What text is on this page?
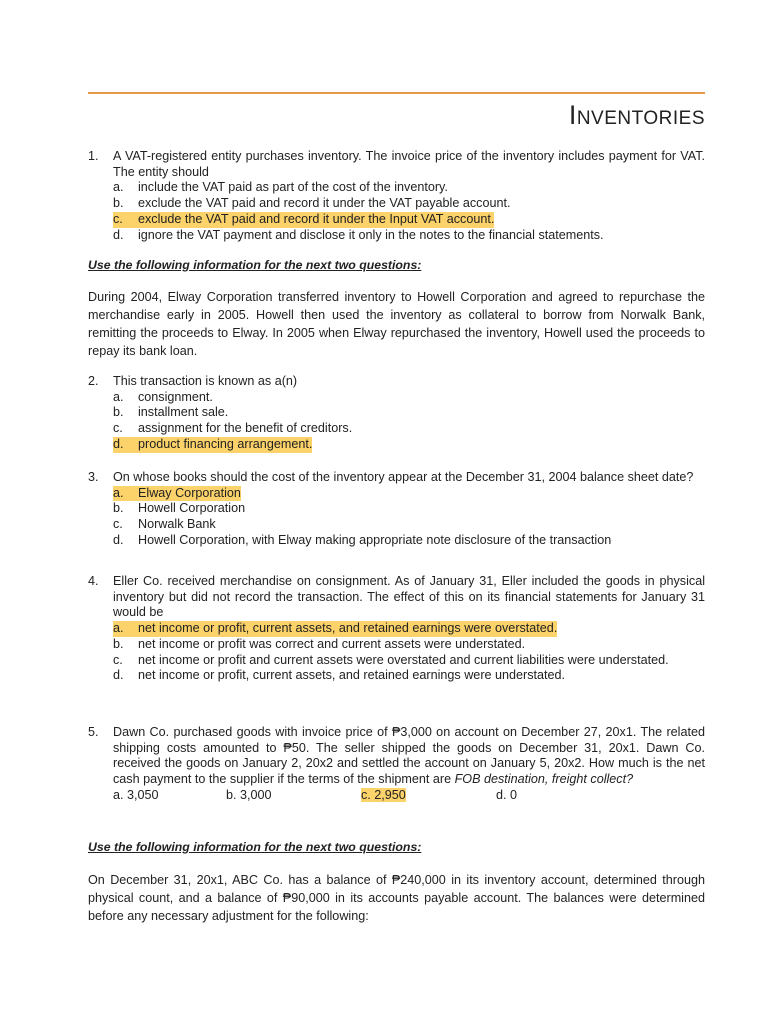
Inventories
1.	A VAT-registered entity purchases inventory. The invoice price of the inventory includes payment for VAT. The entity should
a.	include the VAT paid as part of the cost of the inventory.
b.	exclude the VAT paid and record it under the VAT payable account.
c.	exclude the VAT paid and record it under the Input VAT account.
d.	ignore the VAT payment and disclose it only in the notes to the financial statements.
Use the following information for the next two questions:
During 2004, Elway Corporation transferred inventory to Howell Corporation and agreed to repurchase the merchandise early in 2005. Howell then used the inventory as collateral to borrow from Norwalk Bank, remitting the proceeds to Elway. In 2005 when Elway repurchased the inventory, Howell used the proceeds to repay its bank loan.
2.	This transaction is known as a(n)
a.	consignment.
b.	installment sale.
c.	assignment for the benefit of creditors.
d.	product financing arrangement.
3.	On whose books should the cost of the inventory appear at the December 31, 2004 balance sheet date?
a.	Elway Corporation
b.	Howell Corporation
c.	Norwalk Bank
d.	Howell Corporation, with Elway making appropriate note disclosure of the transaction
4.	Eller Co. received merchandise on consignment. As of January 31, Eller included the goods in physical inventory but did not record the transaction. The effect of this on its financial statements for January 31 would be
a.	net income or profit, current assets, and retained earnings were overstated.
b.	net income or profit was correct and current assets were understated.
c.	net income or profit and current assets were overstated and current liabilities were understated.
d.	net income or profit, current assets, and retained earnings were understated.
5.	Dawn Co. purchased goods with invoice price of ₱3,000 on account on December 27, 20x1. The related shipping costs amounted to ₱50. The seller shipped the goods on December 31, 20x1. Dawn Co. received the goods on January 2, 20x2 and settled the account on January 5, 20x2. How much is the net cash payment to the supplier if the terms of the shipment are FOB destination, freight collect?
a. 3,050	b. 3,000	c. 2,950	d. 0
Use the following information for the next two questions:
On December 31, 20x1, ABC Co. has a balance of ₱240,000 in its inventory account, determined through physical count, and a balance of ₱90,000 in its accounts payable account. The balances were determined before any necessary adjustment for the following:
